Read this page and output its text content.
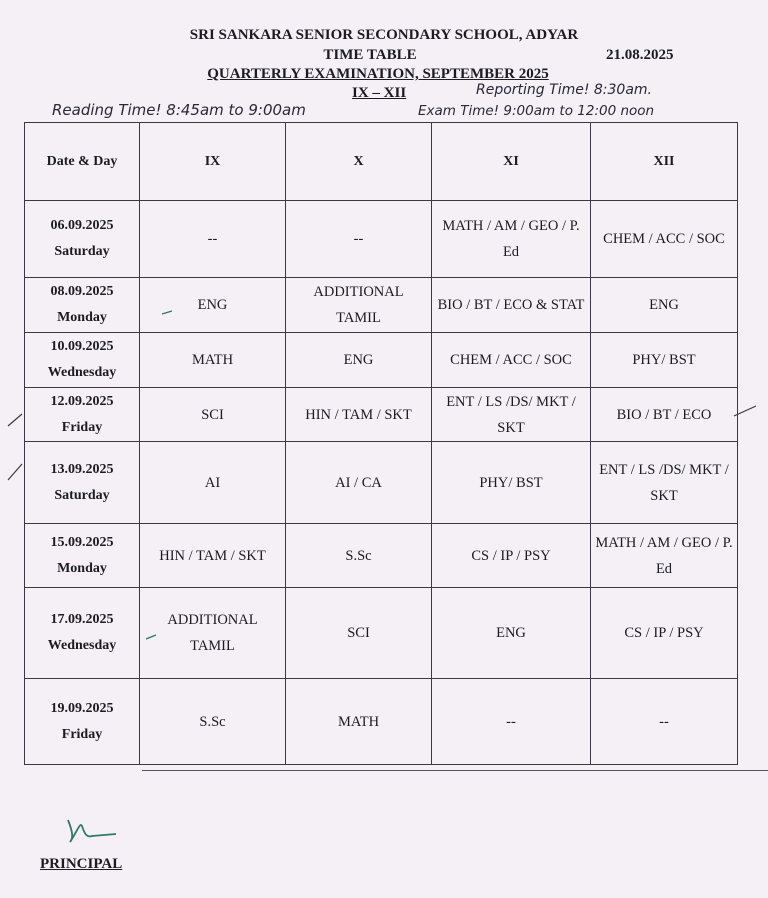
SRI SANKARA SENIOR SECONDARY SCHOOL, ADYAR
TIME TABLE	21.08.2025
QUARTERLY EXAMINATION, SEPTEMBER 2025
IX – XII
Reading Time! 8:45am to 9:00am
Reporting Time! 8:30am.
Exam Time! 9:00am to 12:00 noon
Date & Day	IX	X	XI	XII

06.09.2025
Saturday	--	--	MATH / AM / GEO / P. Ed	CHEM / ACC / SOC

08.09.2025
Monday	ENG	ADDITIONAL TAMIL	BIO / BT / ECO & STAT	ENG

10.09.2025
Wednesday	MATH	ENG	CHEM / ACC / SOC	PHY/ BST

12.09.2025
Friday	SCI	HIN / TAM / SKT	ENT / LS /DS/ MKT / SKT	BIO / BT / ECO

13.09.2025
Saturday	AI	AI / CA	PHY/ BST	ENT / LS /DS/ MKT / SKT

15.09.2025
Monday	HIN / TAM / SKT	S.Sc	CS / IP / PSY	MATH / AM / GEO / P. Ed

17.09.2025
Wednesday	ADDITIONAL TAMIL	SCI	ENG	CS / IP / PSY

19.09.2025
Friday	S.Sc	MATH	--	--
PRINCIPAL
